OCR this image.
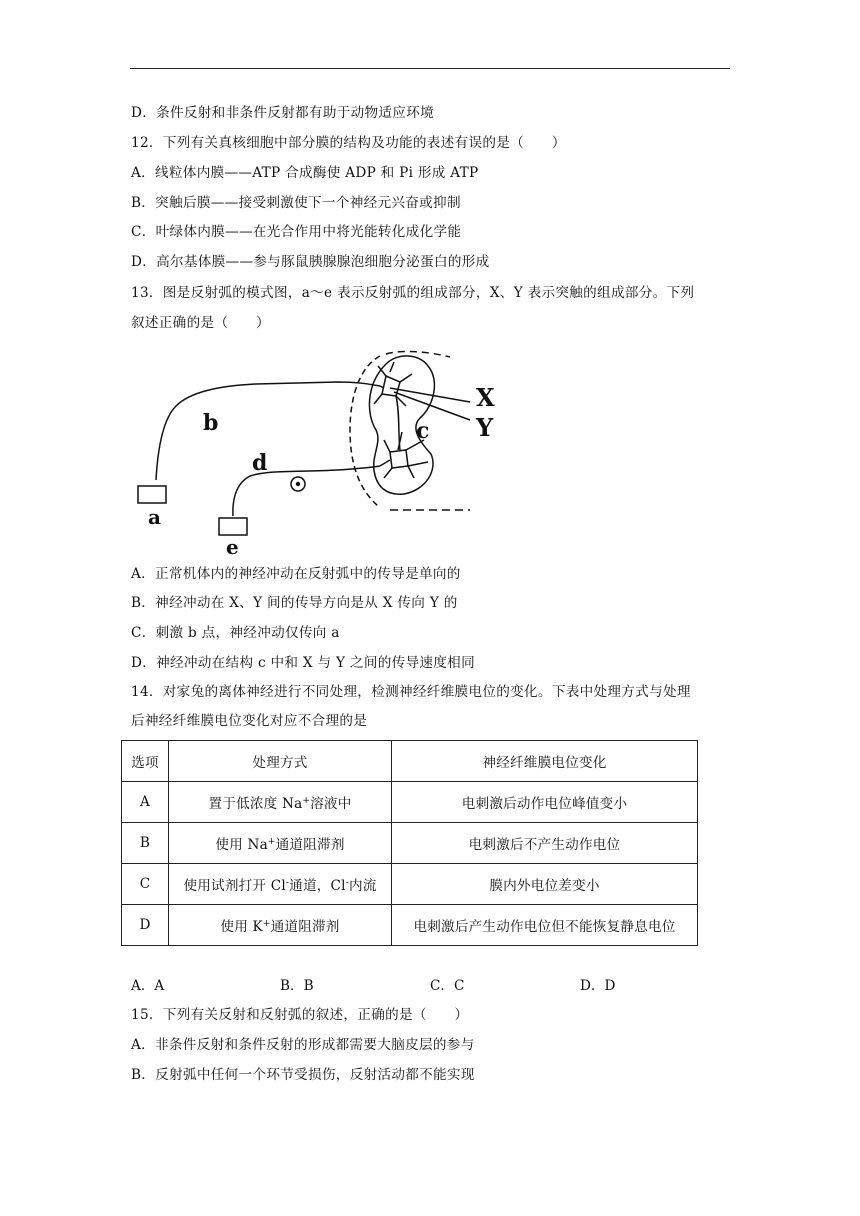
D．条件反射和非条件反射都有助于动物适应环境
12．下列有关真核细胞中部分膜的结构及功能的表述有误的是（　　）
A．线粒体内膜——ATP 合成酶使 ADP 和 Pi 形成 ATP
B．突触后膜——接受刺激使下一个神经元兴奋或抑制
C．叶绿体内膜——在光合作用中将光能转化成化学能
D．高尔基体膜——参与豚鼠胰腺腺泡细胞分泌蛋白的形成
13．图是反射弧的模式图，a～e 表示反射弧的组成部分，X、Y 表示突触的组成部分。下列
叙述正确的是（　　）
a
b	c
d
e
X
Y
A．正常机体内的神经冲动在反射弧中的传导是单向的
B．神经冲动在 X、Y 间的传导方向是从 X 传向 Y 的
C．刺激 b 点，神经冲动仅传向 a
D．神经冲动在结构 c 中和 X 与 Y 之间的传导速度相同
14．对家兔的离体神经进行不同处理，检测神经纤维膜电位的变化。下表中处理方式与处理
后神经纤维膜电位变化对应不合理的是
选项	处理方式	神经纤维膜电位变化
A	置于低浓度 Na+溶液中	电刺激后动作电位峰值变小
B	使用 Na+通道阻滞剂	电刺激后不产生动作电位
C	使用试剂打开 Cl-通道，Cl-内流	膜内外电位差变小
D	使用 K+通道阻滞剂	电刺激后产生动作电位但不能恢复静息电位
A．A	B．B	C．C	D．D
15．下列有关反射和反射弧的叙述，正确的是（　　）
A．非条件反射和条件反射的形成都需要大脑皮层的参与
B．反射弧中任何一个环节受损伤，反射活动都不能实现
